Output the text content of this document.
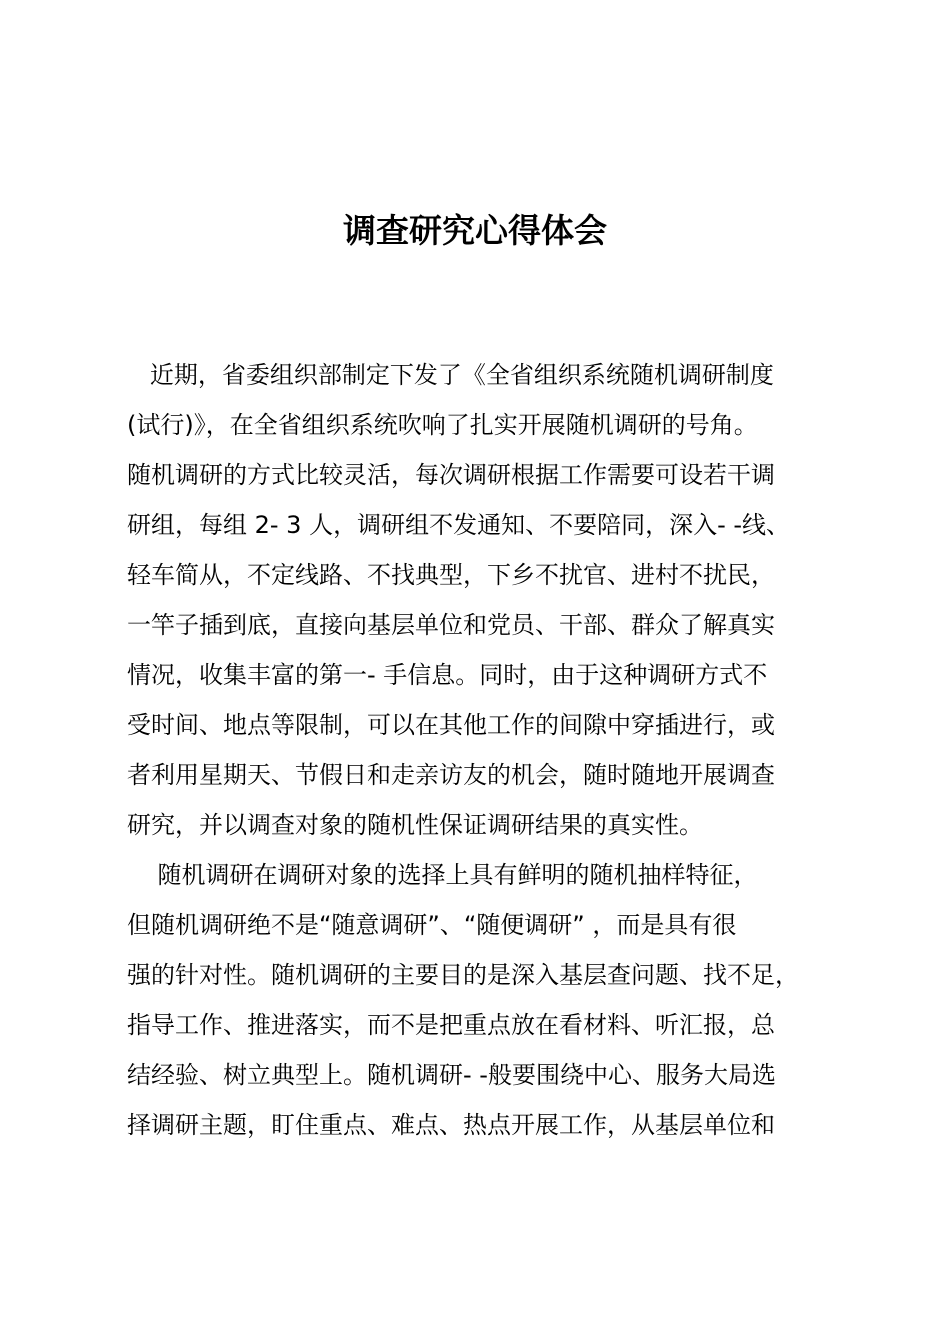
调查研究心得体会
近期，省委组织部制定下发了《全省组织系统随机调研制度
(试行)》，在全省组织系统吹响了扎实开展随机调研的号角。
随机调研的方式比较灵活，每次调研根据工作需要可设若干调
研组，每组 2- 3 人，调研组不发通知、不要陪同，深入- -线、
轻车简从，不定线路、不找典型，下乡不扰官、进村不扰民，
一竿子插到底，直接向基层单位和党员、干部、群众了解真实
情况，收集丰富的第一- 手信息。同时，由于这种调研方式不
受时间、地点等限制，可以在其他工作的间隙中穿插进行，或
者利用星期天、节假日和走亲访友的机会，随时随地开展调查
研究，并以调查对象的随机性保证调研结果的真实性。
随机调研在调研对象的选择上具有鲜明的随机抽样特征，
但随机调研绝不是“随意调研”、“随便调研” ，而是具有很
强的针对性。随机调研的主要目的是深入基层查问题、找不足，
指导工作、推进落实，而不是把重点放在看材料、听汇报，总
结经验、树立典型上。随机调研- -般要围绕中心、服务大局选
择调研主题，盯住重点、难点、热点开展工作，从基层单位和
